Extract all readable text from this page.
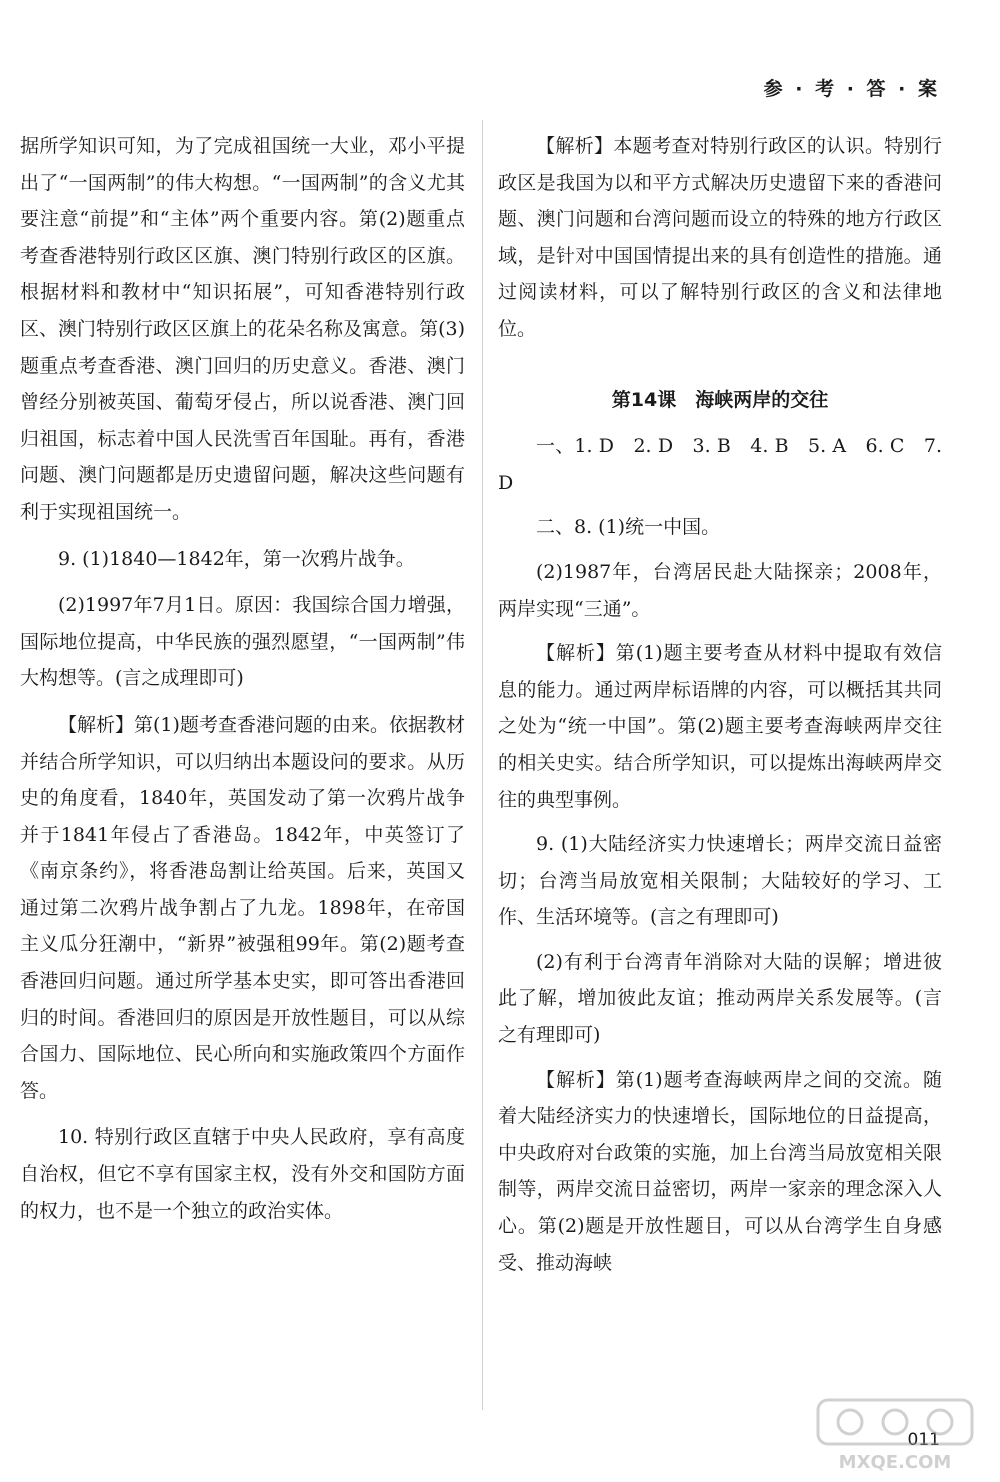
参 · 考 · 答 · 案

据所学知识可知，为了完成祖国统一大业，邓小平提出了“一国两制”的伟大构想。“一国两制”的含义尤其要注意“前提”和“主体”两个重要内容。第(2)题重点考查香港特别行政区区旗、澳门特别行政区的区旗。根据材料和教材中“知识拓展”，可知香港特别行政区、澳门特别行政区区旗上的花朵名称及寓意。第(3)题重点考查香港、澳门回归的历史意义。香港、澳门曾经分别被英国、葡萄牙侵占，所以说香港、澳门回归祖国，标志着中国人民洗雪百年国耻。再有，香港问题、澳门问题都是历史遗留问题，解决这些问题有利于实现祖国统一。

9. (1)1840—1842年，第一次鸦片战争。

(2)1997年7月1日。原因：我国综合国力增强，国际地位提高，中华民族的强烈愿望，“一国两制”伟大构想等。(言之成理即可)

【解析】第(1)题考查香港问题的由来。依据教材并结合所学知识，可以归纳出本题设问的要求。从历史的角度看，1840年，英国发动了第一次鸦片战争并于1841年侵占了香港岛。1842年，中英签订了《南京条约》，将香港岛割让给英国。后来，英国又通过第二次鸦片战争割占了九龙。1898年，在帝国主义瓜分狂潮中，“新界”被强租99年。第(2)题考查香港回归问题。通过所学基本史实，即可答出香港回归的时间。香港回归的原因是开放性题目，可以从综合国力、国际地位、民心所向和实施政策四个方面作答。

10. 特别行政区直辖于中央人民政府，享有高度自治权，但它不享有国家主权，没有外交和国防方面的权力，也不是一个独立的政治实体。

【解析】本题考查对特别行政区的认识。特别行政区是我国为以和平方式解决历史遗留下来的香港问题、澳门问题和台湾问题而设立的特殊的地方行政区域，是针对中国国情提出来的具有创造性的措施。通过阅读材料，可以了解特别行政区的含义和法律地位。

第14课　海峡两岸的交往

一、1. D　2. D　3. B　4. B　5. A　6. C　7. D

二、8. (1)统一中国。

(2)1987年，台湾居民赴大陆探亲；2008年，两岸实现“三通”。

【解析】第(1)题主要考查从材料中提取有效信息的能力。通过两岸标语牌的内容，可以概括其共同之处为“统一中国”。第(2)题主要考查海峡两岸交往的相关史实。结合所学知识，可以提炼出海峡两岸交往的典型事例。

9. (1)大陆经济实力快速增长；两岸交流日益密切；台湾当局放宽相关限制；大陆较好的学习、工作、生活环境等。(言之有理即可)

(2)有利于台湾青年消除对大陆的误解；增进彼此了解，增加彼此友谊；推动两岸关系发展等。(言之有理即可)

【解析】第(1)题考查海峡两岸之间的交流。随着大陆经济实力的快速增长，国际地位的日益提高，中央政府对台政策的实施，加上台湾当局放宽相关限制等，两岸交流日益密切，两岸一家亲的理念深入人心。第(2)题是开放性题目，可以从台湾学生自身感受、推动海峡

011
MXQE.COM
